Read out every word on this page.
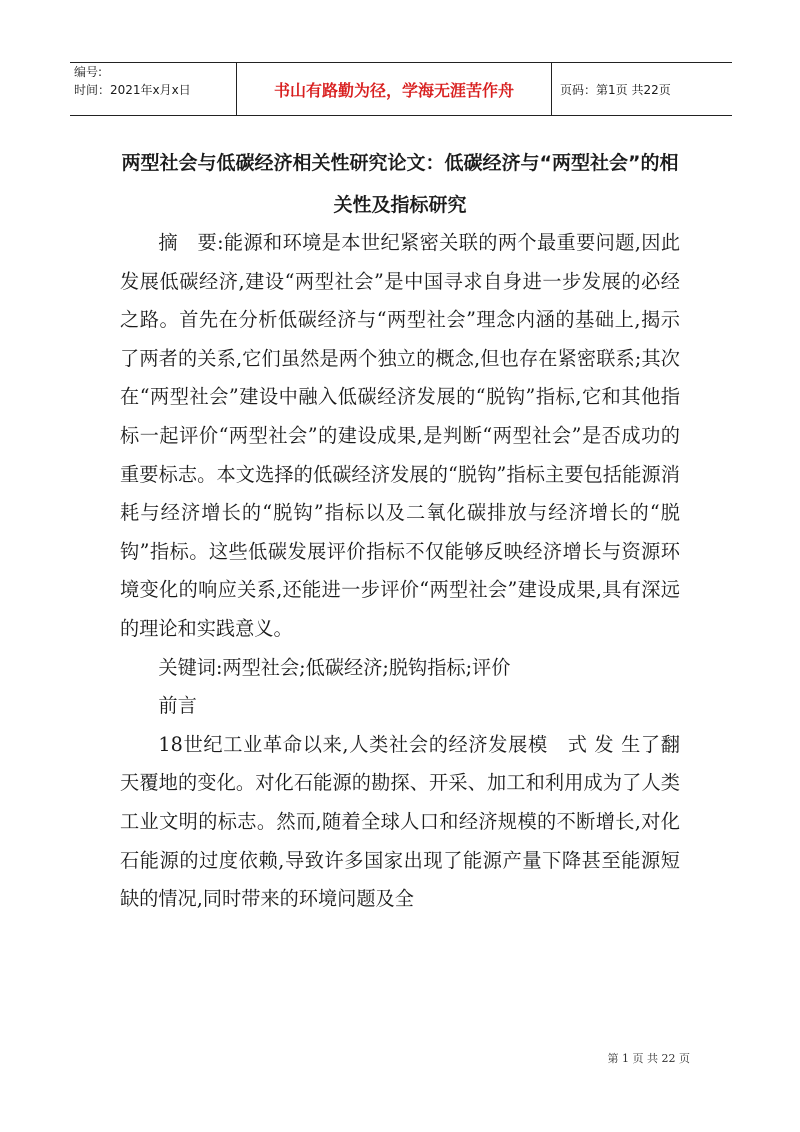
编号:
时间：2021年x月x日	书山有路勤为径，学海无涯苦作舟	页码：第1页 共22页
两型社会与低碳经济相关性研究论文：低碳经济与“两型社会”的相关性及指标研究

摘　要:能源和环境是本世纪紧密关联的两个最重要问题,因此发展低碳经济,建设“两型社会”是中国寻求自身进一步发展的必经之路。首先在分析低碳经济与“两型社会”理念内涵的基础上,揭示了两者的关系,它们虽然是两个独立的概念,但也存在紧密联系;其次在“两型社会”建设中融入低碳经济发展的“脱钩”指标,它和其他指标一起评价“两型社会”的建设成果,是判断“两型社会”是否成功的重要标志。本文选择的低碳经济发展的“脱钩”指标主要包括能源消耗与经济增长的“脱钩”指标以及二氧化碳排放与经济增长的“脱钩”指标。这些低碳发展评价指标不仅能够反映经济增长与资源环境变化的响应关系,还能进一步评价“两型社会”建设成果,具有深远的理论和实践意义。

关键词:两型社会;低碳经济;脱钩指标;评价

前言

18世纪工业革命以来,人类社会的经济发展模　式 发 生了翻天覆地的变化。对化石能源的勘探、开采、加工和利用成为了人类工业文明的标志。然而,随着全球人口和经济规模的不断增长,对化石能源的过度依赖,导致许多国家出现了能源产量下降甚至能源短缺的情况,同时带来的环境问题及全

第 1 页 共 22 页
